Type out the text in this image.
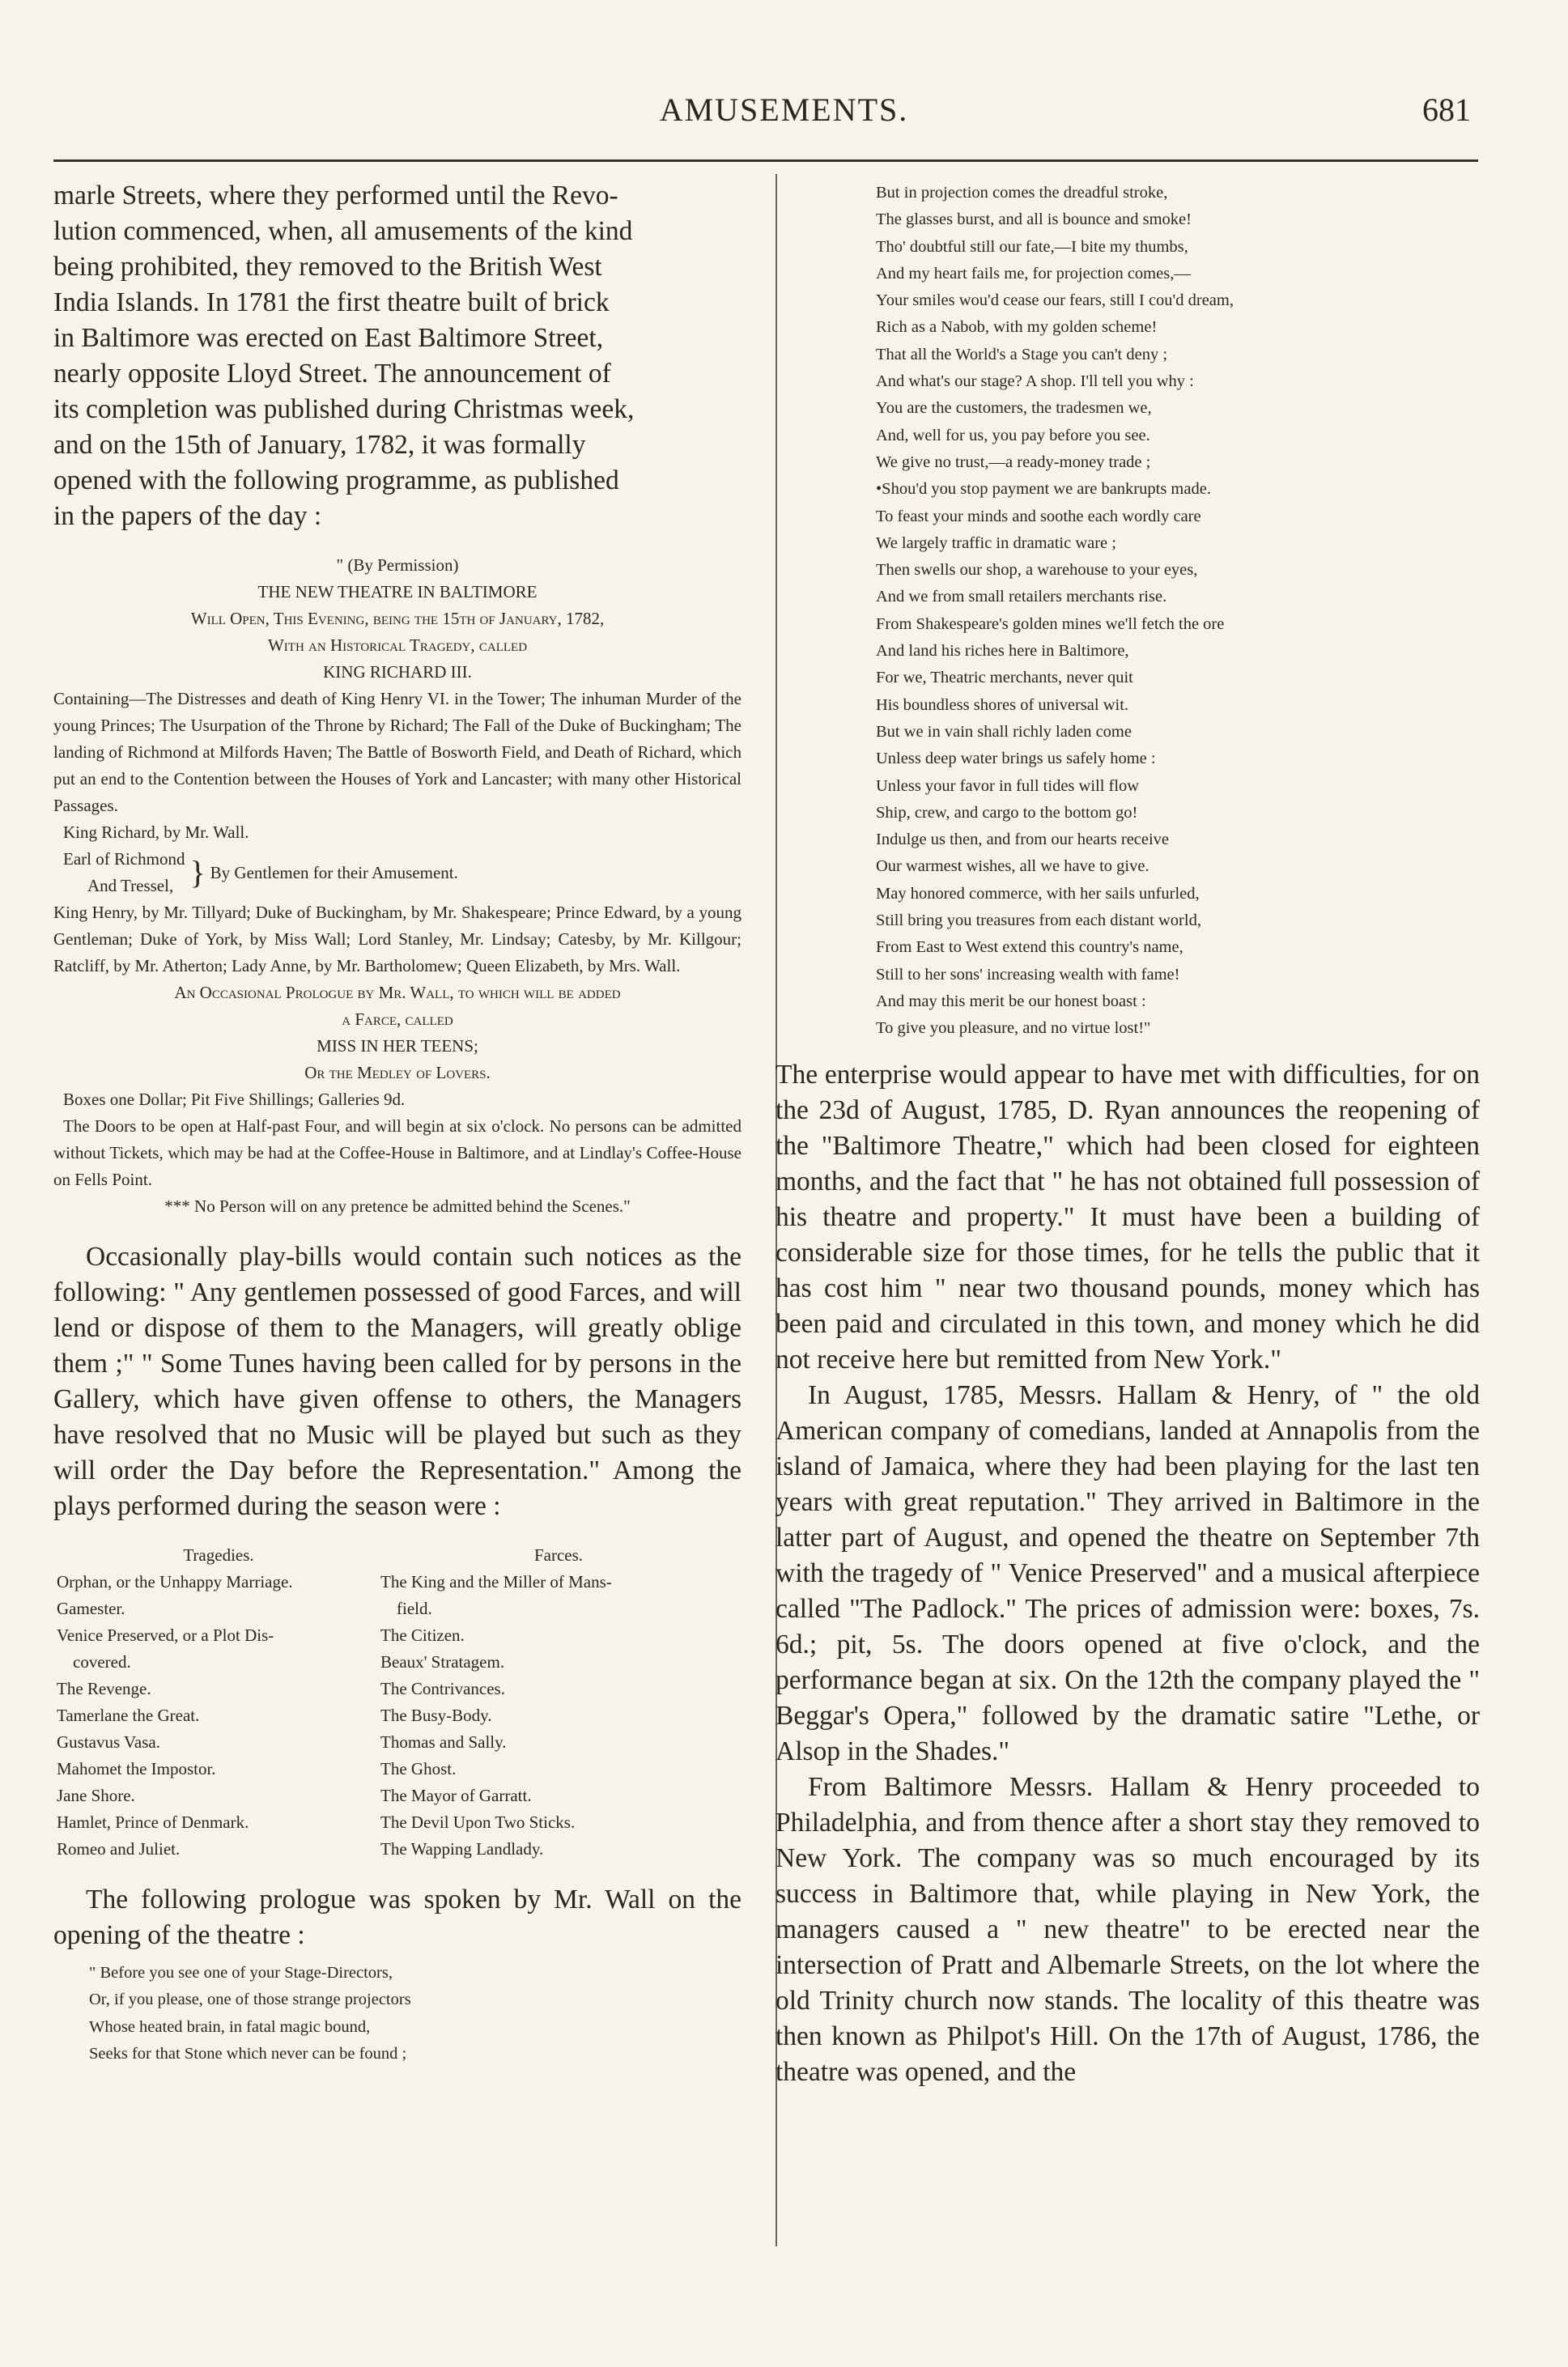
AMUSEMENTS.	681
marle Streets, where they performed until the Revo-
lution commenced, when, all amusements of the kind
being prohibited, they removed to the British West
India Islands. In 1781 the first theatre built of brick
in Baltimore was erected on East Baltimore Street,
nearly opposite Lloyd Street. The announcement of
its completion was published during Christmas week,
and on the 15th of January, 1782, it was formally
opened with the following programme, as published
in the papers of the day :
" (By Permission)
THE NEW THEATRE IN BALTIMORE
Will Open, This Evening, being the 15th of January, 1782,
With an Historical Tragedy, called
KING RICHARD III.
Containing—The Distresses and death of King Henry VI. in the Tower; The inhuman Murder of the young Princes; The Usurpation of the Throne by Richard; The Fall of the Duke of Buckingham; The landing of Richmond at Milfords Haven; The Battle of Bosworth Field, and Death of Richard, which put an end to the Contention between the Houses of York and Lancaster; with many other Historical Passages.
King Richard, by Mr. Wall.
Earl of Richmond
And Tressel, } By Gentlemen for their Amusement.
King Henry, by Mr. Tillyard; Duke of Buckingham, by Mr. Shakespeare; Prince Edward, by a young Gentleman; Duke of York, by Miss Wall; Lord Stanley, Mr. Lindsay; Catesby, by Mr. Killgour; Ratcliff, by Mr. Atherton; Lady Anne, by Mr. Bartholomew; Queen Elizabeth, by Mrs. Wall.
An Occasional Prologue by Mr. Wall, to which will be added
a Farce, called
MISS IN HER TEENS;
Or the Medley of Lovers.
Boxes one Dollar; Pit Five Shillings; Galleries 9d.
The Doors to be open at Half-past Four, and will begin at six o'clock. No persons can be admitted without Tickets, which may be had at the Coffee-House in Baltimore, and at Lindlay's Coffee-House on Fells Point.
*** No Person will on any pretence be admitted behind the Scenes."

Occasionally play-bills would contain such notices as the following: " Any gentlemen possessed of good Farces, and will lend or dispose of them to the Managers, will greatly oblige them ;" " Some Tunes having been called for by persons in the Gallery, which have given offense to others, the Managers have resolved that no Music will be played but such as they will order the Day before the Representation." Among the plays performed during the season were :

Tragedies.
Orphan, or the Unhappy Marriage.
Gamester.
Venice Preserved, or a Plot Dis-
covered.
The Revenge.
Tamerlane the Great.
Gustavus Vasa.
Mahomet the Impostor.
Jane Shore.
Hamlet, Prince of Denmark.
Romeo and Juliet.
Farces.
The King and the Miller of Mans-
field.
The Citizen.
Beaux' Stratagem.
The Contrivances.
The Busy-Body.
Thomas and Sally.
The Ghost.
The Mayor of Garratt.
The Devil Upon Two Sticks.
The Wapping Landlady.

The following prologue was spoken by Mr. Wall on the opening of the theatre :

" Before you see one of your Stage-Directors,
Or, if you please, one of those strange projectors
Whose heated brain, in fatal magic bound,
Seeks for that Stone which never can be found ;
But in projection comes the dreadful stroke,
The glasses burst, and all is bounce and smoke!
Tho' doubtful still our fate,—I bite my thumbs,
And my heart fails me, for projection comes,—
Your smiles wou'd cease our fears, still I cou'd dream,
Rich as a Nabob, with my golden scheme!
That all the World's a Stage you can't deny ;
And what's our stage? A shop. I'll tell you why :
You are the customers, the tradesmen we,
And, well for us, you pay before you see.
We give no trust,—a ready-money trade ;
•Shou'd you stop payment we are bankrupts made.
To feast your minds and soothe each wordly care
We largely traffic in dramatic ware ;
Then swells our shop, a warehouse to your eyes,
And we from small retailers merchants rise.
From Shakespeare's golden mines we'll fetch the ore
And land his riches here in Baltimore,
For we, Theatric merchants, never quit
His boundless shores of universal wit.
But we in vain shall richly laden come
Unless deep water brings us safely home :
Unless your favor in full tides will flow
Ship, crew, and cargo to the bottom go!
Indulge us then, and from our hearts receive
Our warmest wishes, all we have to give.
May honored commerce, with her sails unfurled,
Still bring you treasures from each distant world,
From East to West extend this country's name,
Still to her sons' increasing wealth with fame!
And may this merit be our honest boast :
To give you pleasure, and no virtue lost!"

The enterprise would appear to have met with difficulties, for on the 23d of August, 1785, D. Ryan announces the reopening of the "Baltimore Theatre," which had been closed for eighteen months, and the fact that " he has not obtained full possession of his theatre and property." It must have been a building of considerable size for those times, for he tells the public that it has cost him " near two thousand pounds, money which has been paid and circulated in this town, and money which he did not receive here but remitted from New York."

In August, 1785, Messrs. Hallam & Henry, of " the old American company of comedians, landed at Annapolis from the island of Jamaica, where they had been playing for the last ten years with great reputation." They arrived in Baltimore in the latter part of August, and opened the theatre on September 7th with the tragedy of " Venice Preserved" and a musical afterpiece called "The Padlock." The prices of admission were: boxes, 7s. 6d.; pit, 5s. The doors opened at five o'clock, and the performance began at six. On the 12th the company played the " Beggar's Opera," followed by the dramatic satire "Lethe, or Alsop in the Shades."

From Baltimore Messrs. Hallam & Henry proceeded to Philadelphia, and from thence after a short stay they removed to New York. The company was so much encouraged by its success in Baltimore that, while playing in New York, the managers caused a " new theatre" to be erected near the intersection of Pratt and Albemarle Streets, on the lot where the old Trinity church now stands. The locality of this theatre was then known as Philpot's Hill. On the 17th of August, 1786, the theatre was opened, and the
